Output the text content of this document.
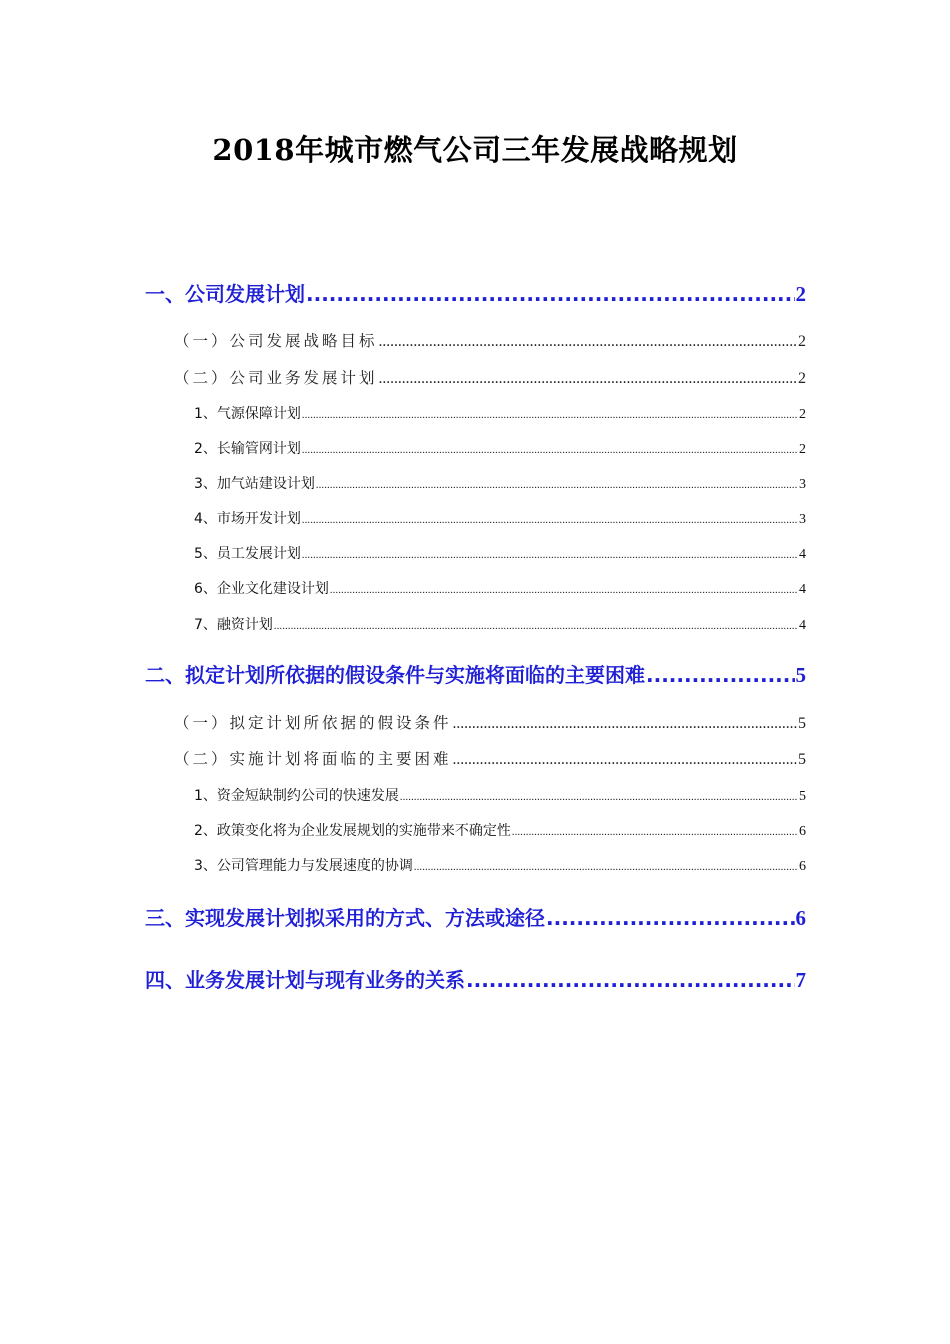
2018年城市燃气公司三年发展战略规划
一、公司发展计划 .....	2
（一）公司发展战略目标 .....	2
（二）公司业务发展计划 .....	2
1、气源保障计划 .....	2
2、长输管网计划 .....	2
3、加气站建设计划 .....	3
4、市场开发计划 .....	3
5、员工发展计划 .....	4
6、企业文化建设计划 .....	4
7、融资计划 .....	4
二、拟定计划所依据的假设条件与实施将面临的主要困难 .....	5
（一）拟定计划所依据的假设条件 .....	5
（二）实施计划将面临的主要困难 .....	5
1、资金短缺制约公司的快速发展 .....	5
2、政策变化将为企业发展规划的实施带来不确定性 .....	6
3、公司管理能力与发展速度的协调 .....	6
三、实现发展计划拟采用的方式、方法或途径 .....	6
四、业务发展计划与现有业务的关系 .....	7
